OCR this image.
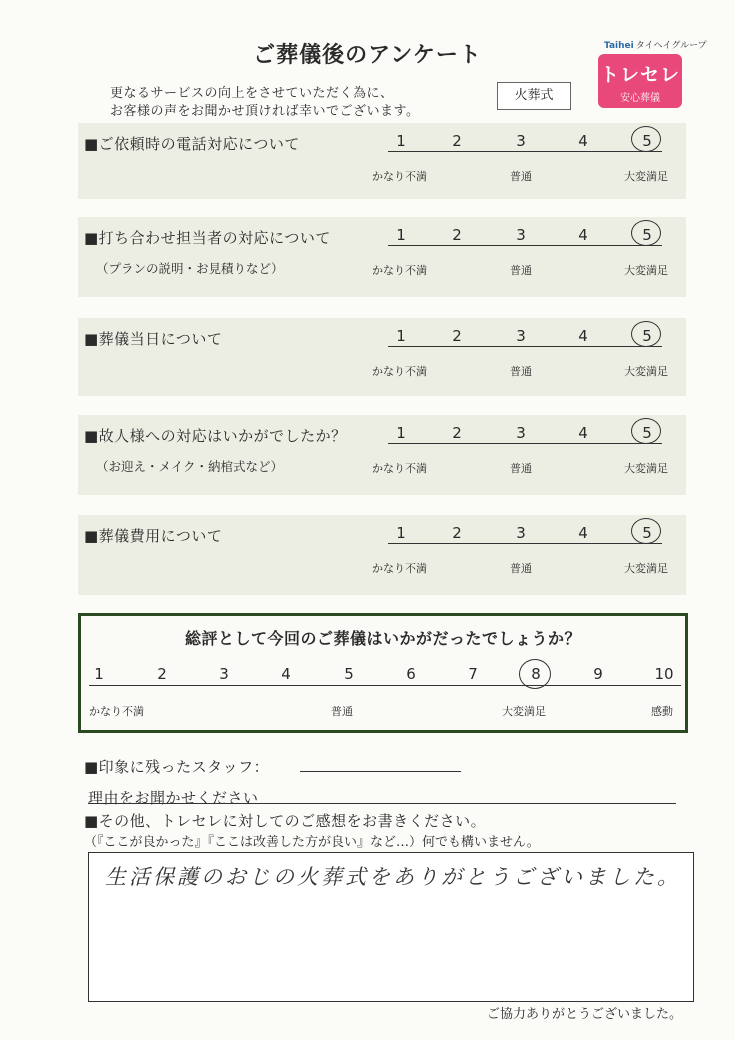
ご葬儀後のアンケート
更なるサービスの向上をさせていただく為に、
お客様の声をお聞かせ頂ければ幸いでございます。
火葬式
Taihei タイヘイグループ
トレセレ
安心葬儀
■ご依頼時の電話対応について	1	2	3	4	5
かなり不満	普通	大変満足
■打ち合わせ担当者の対応について
（プランの説明・お見積りなど）
1	2	3	4	5
かなり不満	普通	大変満足
■葬儀当日について	1	2	3	4	5
かなり不満	普通	大変満足
■故人様への対応はいかがでしたか？
（お迎え・メイク・納棺式など）
1	2	3	4	5
かなり不満	普通	大変満足
■葬儀費用について	1	2	3	4	5
かなり不満	普通	大変満足
総評として今回のご葬儀はいかがだったでしょうか？
1	2	3	4	5	6	7	8	9	10
かなり不満	普通	大変満足	感動
■印象に残ったスタッフ：
理由をお聞かせください
■その他、トレセレに対してのご感想をお書きください。
（『ここが良かった』『ここは改善した方が良い』など…）何でも構いません。
生活保護のおじの火葬式をありがとうございました。
ご協力ありがとうございました。
